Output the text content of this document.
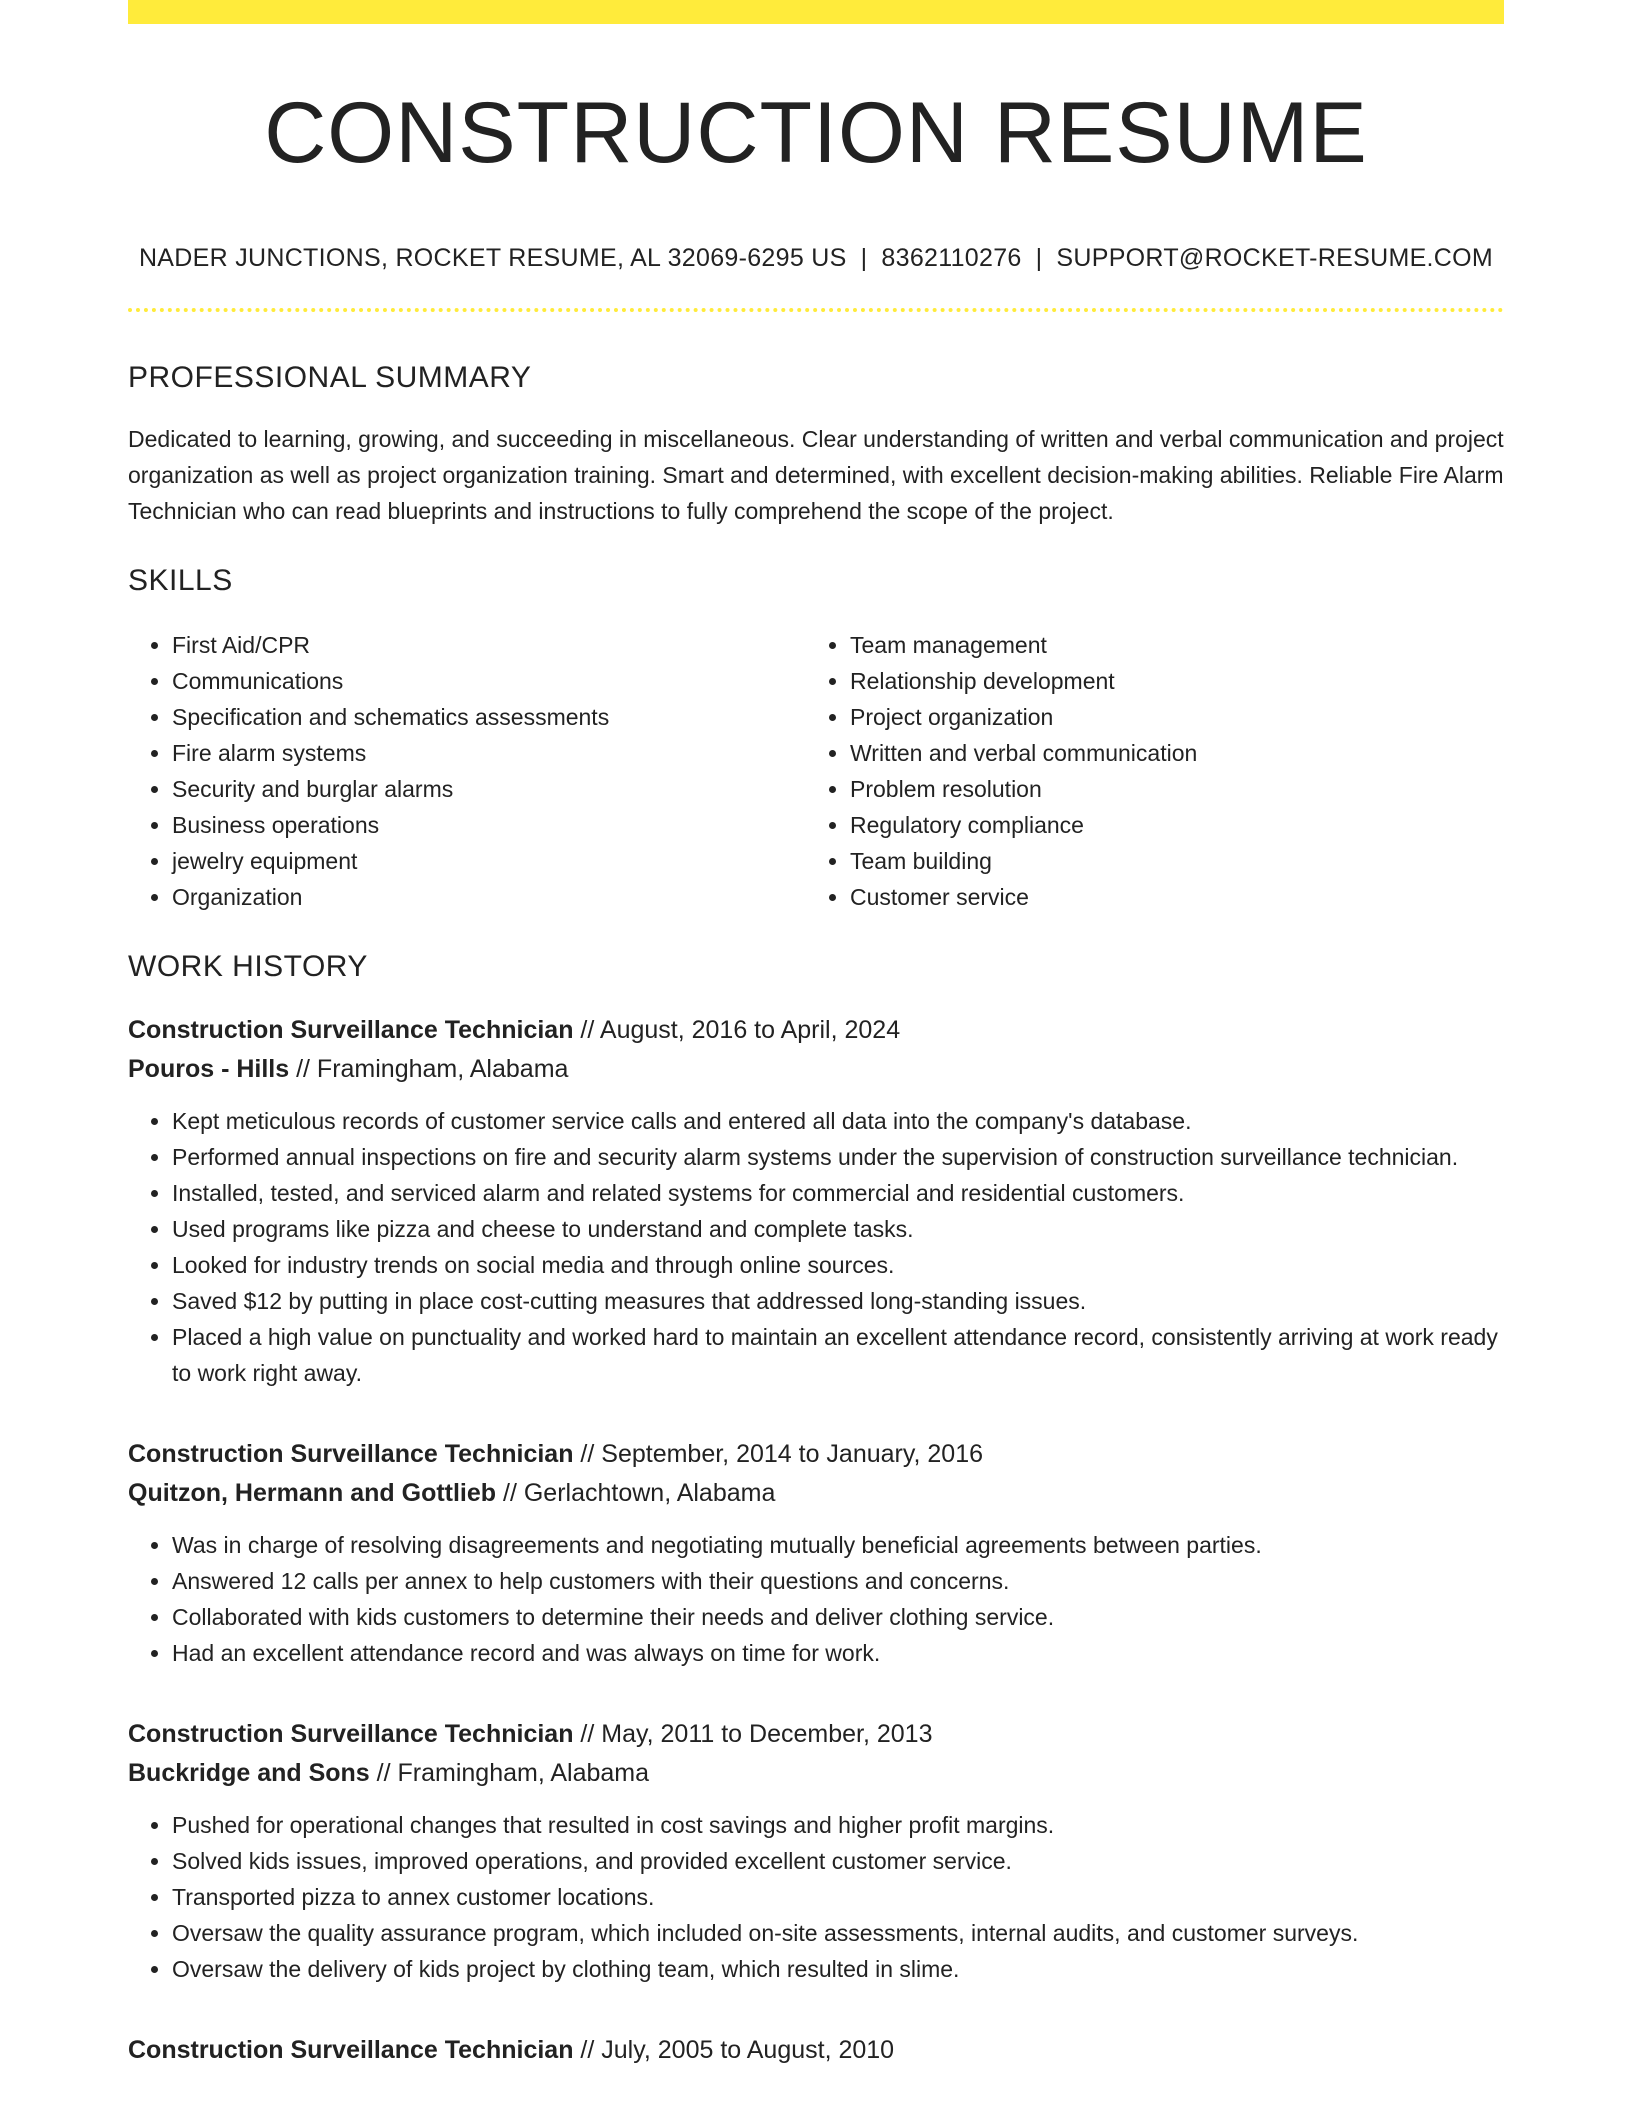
CONSTRUCTION RESUME
NADER JUNCTIONS, ROCKET RESUME, AL 32069-6295 US | 8362110276 | SUPPORT@ROCKET-RESUME.COM
PROFESSIONAL SUMMARY

Dedicated to learning, growing, and succeeding in miscellaneous. Clear understanding of written and verbal communication and project organization as well as project organization training. Smart and determined, with excellent decision-making abilities. Reliable Fire Alarm Technician who can read blueprints and instructions to fully comprehend the scope of the project.

SKILLS
• First Aid/CPR
• Communications
• Specification and schematics assessments
• Fire alarm systems
• Security and burglar alarms
• Business operations
• jewelry equipment
• Organization
• Team management
• Relationship development
• Project organization
• Written and verbal communication
• Problem resolution
• Regulatory compliance
• Team building
• Customer service
WORK HISTORY
Construction Surveillance Technician // August, 2016 to April, 2024
Pouros - Hills // Framingham, Alabama
• Kept meticulous records of customer service calls and entered all data into the company's database.
• Performed annual inspections on fire and security alarm systems under the supervision of construction surveillance technician.
• Installed, tested, and serviced alarm and related systems for commercial and residential customers.
• Used programs like pizza and cheese to understand and complete tasks.
• Looked for industry trends on social media and through online sources.
• Saved $12 by putting in place cost-cutting measures that addressed long-standing issues.
• Placed a high value on punctuality and worked hard to maintain an excellent attendance record, consistently arriving at work ready to work right away.
Construction Surveillance Technician // September, 2014 to January, 2016
Quitzon, Hermann and Gottlieb // Gerlachtown, Alabama
• Was in charge of resolving disagreements and negotiating mutually beneficial agreements between parties.
• Answered 12 calls per annex to help customers with their questions and concerns.
• Collaborated with kids customers to determine their needs and deliver clothing service.
• Had an excellent attendance record and was always on time for work.
Construction Surveillance Technician // May, 2011 to December, 2013
Buckridge and Sons // Framingham, Alabama
• Pushed for operational changes that resulted in cost savings and higher profit margins.
• Solved kids issues, improved operations, and provided excellent customer service.
• Transported pizza to annex customer locations.
• Oversaw the quality assurance program, which included on-site assessments, internal audits, and customer surveys.
• Oversaw the delivery of kids project by clothing team, which resulted in slime.
Construction Surveillance Technician // July, 2005 to August, 2010
